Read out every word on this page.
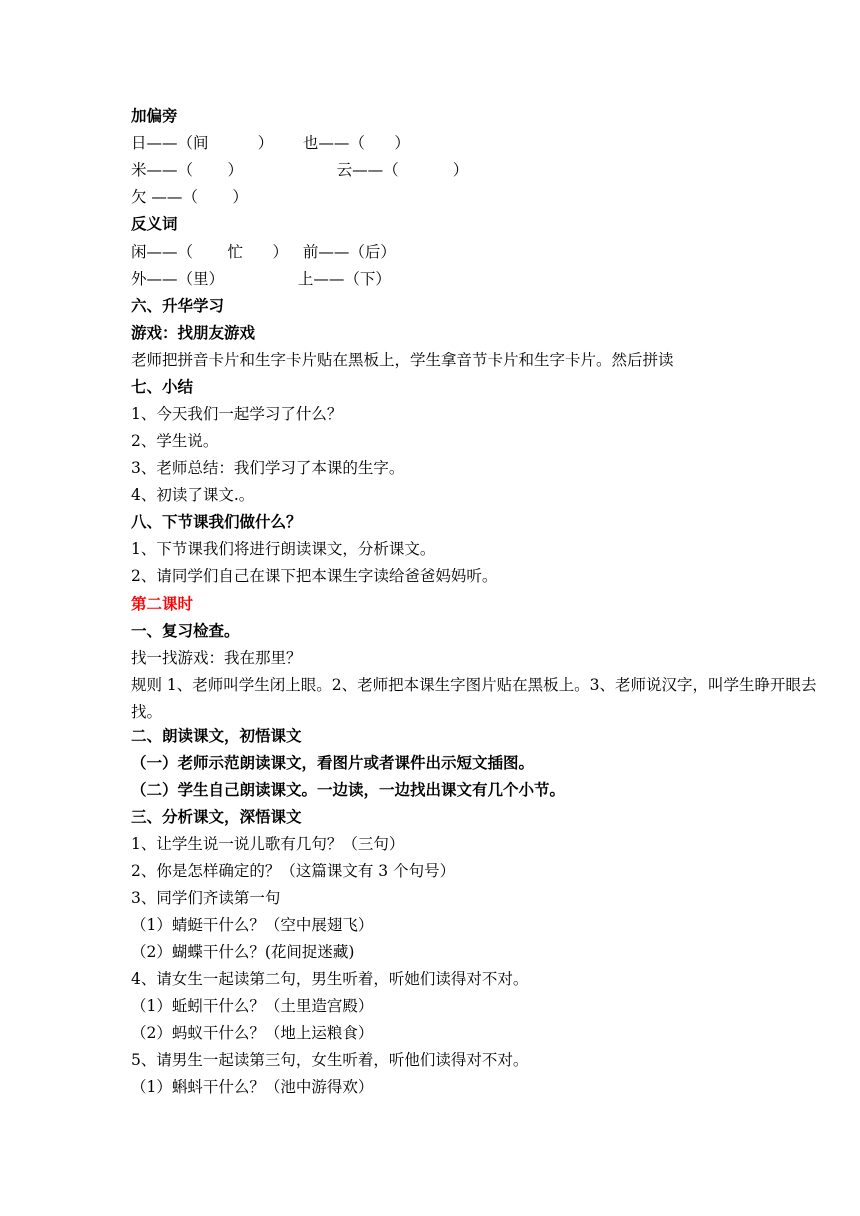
加偏旁
日——（间          ）      也——（      ）
米——（       ）                   云——（           ）
欠 ——（       ）
反义词
闲——（       忙      ）   前——（后）
外——（里）               上——（下）
六、升华学习
游戏：找朋友游戏
老师把拼音卡片和生字卡片贴在黑板上，学生拿音节卡片和生字卡片。然后拼读
七、小结
1、今天我们一起学习了什么？
2、学生说。
3、老师总结：我们学习了本课的生字。
4、初读了课文.。
八、下节课我们做什么？
1、下节课我们将进行朗读课文，分析课文。
2、请同学们自己在课下把本课生字读给爸爸妈妈听。
第二课时
一、复习检查。
找一找游戏：我在那里？
规则 1、老师叫学生闭上眼。2、老师把本课生字图片贴在黑板上。3、老师说汉字，叫学生睁开眼去找。
二、朗读课文，初悟课文
（一）老师示范朗读课文，看图片或者课件出示短文插图。
（二）学生自己朗读课文。一边读，一边找出课文有几个小节。
三、分析课文，深悟课文
1、让学生说一说儿歌有几句？（三句）
2、你是怎样确定的？（这篇课文有 3 个句号）
3、同学们齐读第一句
（1）蜻蜓干什么？（空中展翅飞）
（2）蝴蝶干什么？(花间捉迷藏)
4、请女生一起读第二句，男生听着，听她们读得对不对。
（1）蚯蚓干什么？（土里造宫殿）
（2）蚂蚁干什么？（地上运粮食）
5、请男生一起读第三句，女生听着，听他们读得对不对。
（1）蝌蚪干什么？（池中游得欢）
